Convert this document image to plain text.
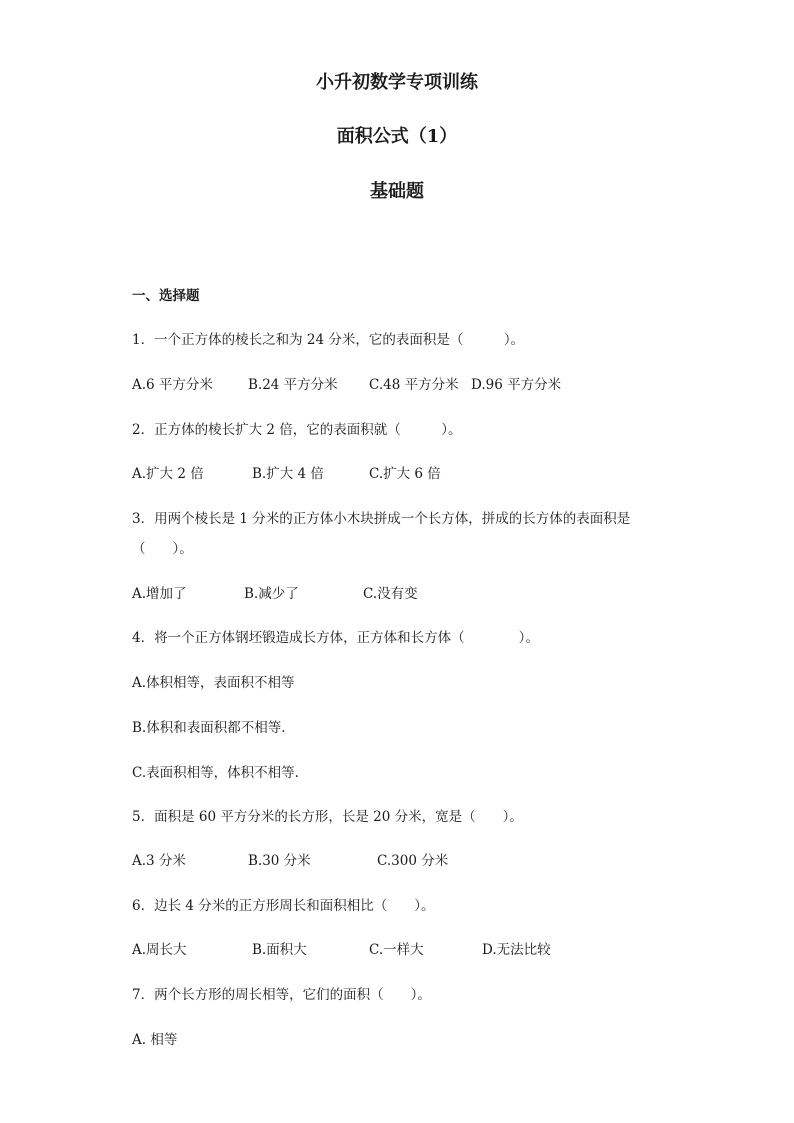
小升初数学专项训练
面积公式（1）
基础题
一、选择题
1．一个正方体的棱长之和为 24 分米，它的表面积是（　　　）。

A.6 平方分米

	B.24 平方分米

C.48 平方分米

D.96 平方分米

2．正方体的棱长扩大 2 倍，它的表面积就（　　　）。

A.扩大 2 倍

	B.扩大 4 倍

	C.扩大 6 倍

3．用两个棱长是 1 分米的正方体小木块拼成一个长方体，拼成的长方体的表面积是
（　　）。

A.增加了

	B.减少了

	C.没有变

4．将一个正方体钢坯锻造成长方体，正方体和长方体（　　　　）。
A.体积相等，表面积不相等
B.体积和表面积都不相等.
C.表面积相等，体积不相等.
5．面积是 60 平方分米的长方形，长是 20 分米，宽是（　　）。

A.3 分米

	B.30 分米

	C.300 分米

6．边长 4 分米的正方形周长和面积相比（　　）。

A.周长大

	B.面积大

	C.一样大

	D.无法比较

7．两个长方形的周长相等，它们的面积（　　）。
A. 相等
